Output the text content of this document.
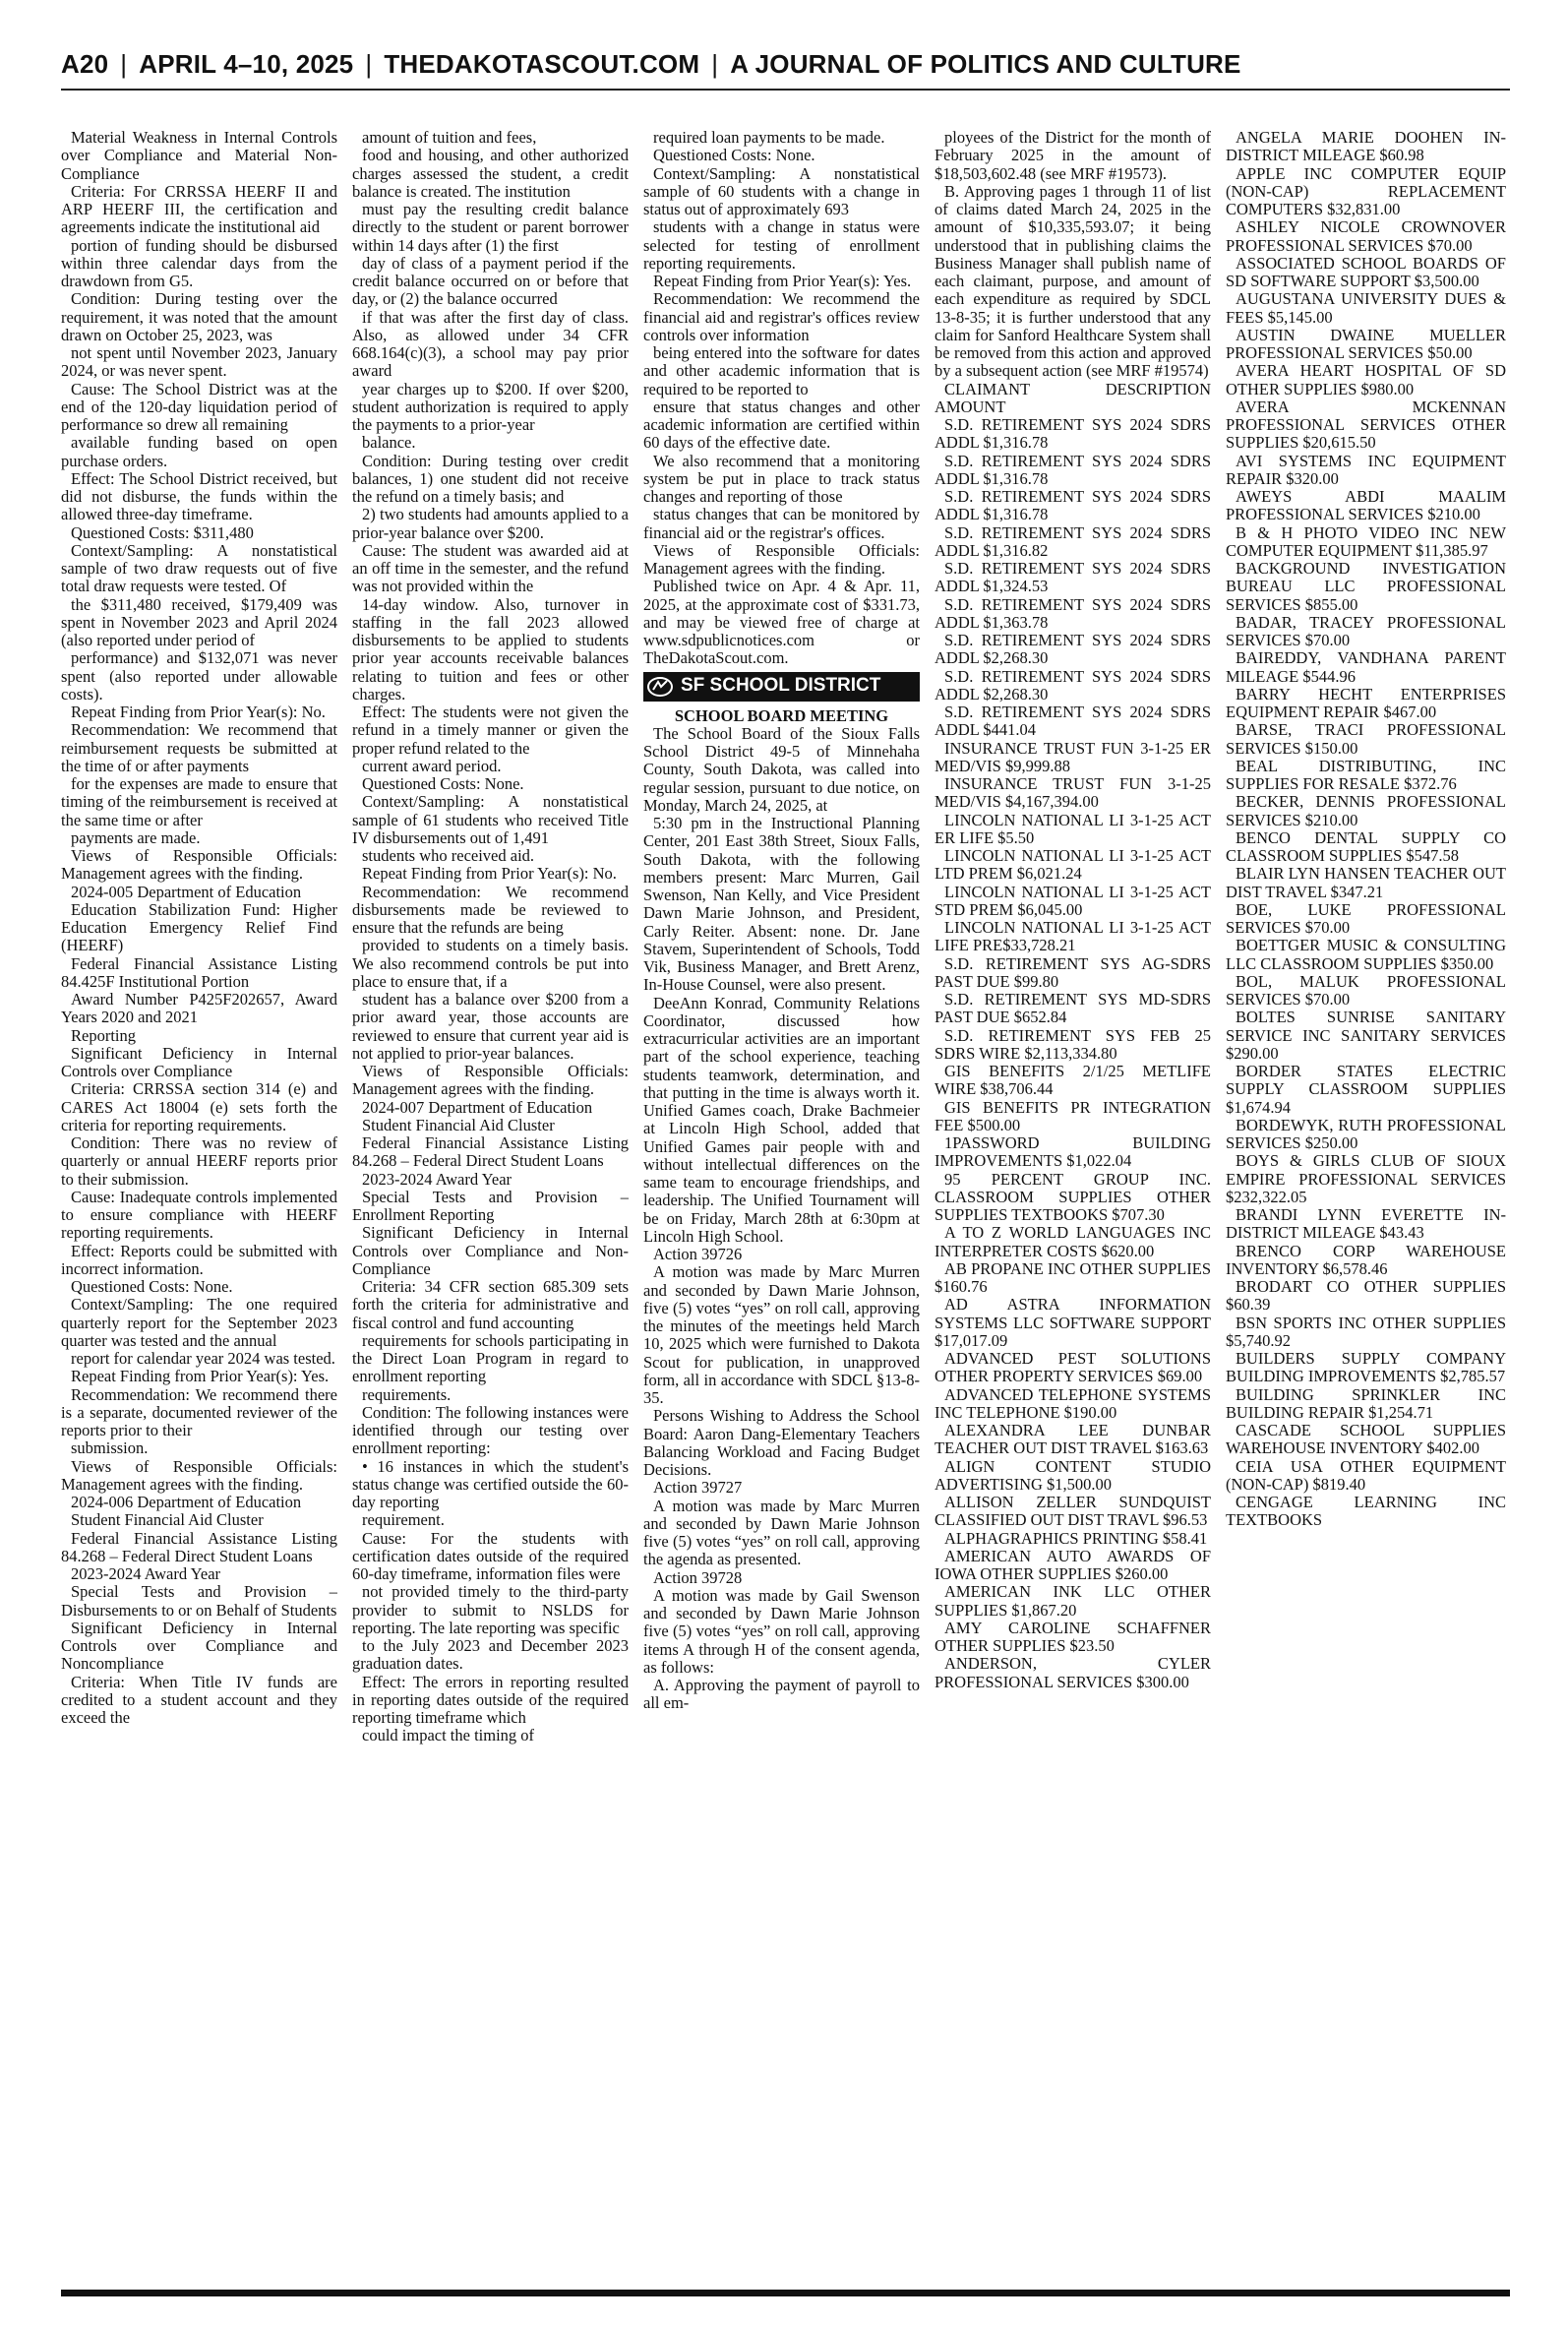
A20 | APRIL 4–10, 2025 | THEDAKOTASCOUT.COM | A JOURNAL OF POLITICS AND CULTURE

Material Weakness in Internal Controls over Compliance and Material Non-Compliance

Criteria: For CRRSSA HEERF II and ARP HEERF III, the certification and agreements indicate the institutional aid

portion of funding should be disbursed within three calendar days from the drawdown from G5.

Condition: During testing over the requirement, it was noted that the amount drawn on October 25, 2023, was

not spent until November 2023, January 2024, or was never spent.

Cause: The School District was at the end of the 120-day liquidation period of performance so drew all remaining

available funding based on open purchase orders.

Effect: The School District received, but did not disburse, the funds within the allowed three-day timeframe.

Questioned Costs: $311,480

Context/Sampling: A nonstatistical sample of two draw requests out of five total draw requests were tested. Of

the $311,480 received, $179,409 was spent in November 2023 and April 2024 (also reported under period of

performance) and $132,071 was never spent (also reported under allowable costs).

Repeat Finding from Prior Year(s): No.

Recommendation: We recommend that reimbursement requests be submitted at the time of or after payments

for the expenses are made to ensure that timing of the reimbursement is received at the same time or after

payments are made.

Views of Responsible Officials: Management agrees with the finding.

2024-005 Department of Education

Education Stabilization Fund: Higher Education Emergency Relief Find (HEERF)

Federal Financial Assistance Listing 84.425F Institutional Portion

Award Number P425F202657, Award Years 2020 and 2021

Reporting

Significant Deficiency in Internal Controls over Compliance

Criteria: CRRSSA section 314 (e) and CARES Act 18004 (e) sets forth the criteria for reporting requirements.

Condition: There was no review of quarterly or annual HEERF reports prior to their submission.

Cause: Inadequate controls implemented to ensure compliance with HEERF reporting requirements.

Effect: Reports could be submitted with incorrect information.

Questioned Costs: None.

Context/Sampling: The one required quarterly report for the September 2023 quarter was tested and the annual

report for calendar year 2024 was tested.

Repeat Finding from Prior Year(s): Yes.

Recommendation: We recommend there is a separate, documented reviewer of the reports prior to their

submission.

Views of Responsible Officials: Management agrees with the finding.

2024-006 Department of Education

Student Financial Aid Cluster

Federal Financial Assistance Listing 84.268 – Federal Direct Student Loans

2023-2024 Award Year

Special Tests and Provision – Disbursements to or on Behalf of Students

Significant Deficiency in Internal Controls over Compliance and Noncompliance

Criteria: When Title IV funds are credited to a student account and they exceed the

amount of tuition and fees,

food and housing, and other authorized charges assessed the student, a credit balance is created. The institution

must pay the resulting credit balance directly to the student or parent borrower within 14 days after (1) the first

day of class of a payment period if the credit balance occurred on or before that day, or (2) the balance occurred

if that was after the first day of class. Also, as allowed under 34 CFR 668.164(c)(3), a school may pay prior award

year charges up to $200. If over $200, student authorization is required to apply the payments to a prior-year

balance.

Condition: During testing over credit balances, 1) one student did not receive the refund on a timely basis; and

2) two students had amounts applied to a prior-year balance over $200.

Cause: The student was awarded aid at an off time in the semester, and the refund was not provided within the

14-day window. Also, turnover in staffing in the fall 2023 allowed disbursements to be applied to students prior year accounts receivable balances relating to tuition and fees or other charges.

Effect: The students were not given the refund in a timely manner or given the proper refund related to the

current award period.

Questioned Costs: None.

Context/Sampling: A nonstatistical sample of 61 students who received Title IV disbursements out of 1,491

students who received aid.

Repeat Finding from Prior Year(s): No.

Recommendation: We recommend disbursements made be reviewed to ensure that the refunds are being

provided to students on a timely basis. We also recommend controls be put into place to ensure that, if a

student has a balance over $200 from a prior award year, those accounts are reviewed to ensure that current year aid is not applied to prior-year balances.

Views of Responsible Officials: Management agrees with the finding.

2024-007 Department of Education

Student Financial Aid Cluster

Federal Financial Assistance Listing 84.268 – Federal Direct Student Loans

2023-2024 Award Year

Special Tests and Provision – Enrollment Reporting

Significant Deficiency in Internal Controls over Compliance and Non-Compliance

Criteria: 34 CFR section 685.309 sets forth the criteria for administrative and fiscal control and fund accounting

requirements for schools participating in the Direct Loan Program in regard to enrollment reporting

requirements.

Condition: The following instances were identified through our testing over enrollment reporting:

• 16 instances in which the student's status change was certified outside the 60-day reporting

requirement.

Cause: For the students with certification dates outside of the required 60-day timeframe, information files were

not provided timely to the third-party provider to submit to NSLDS for reporting. The late reporting was specific

to the July 2023 and December 2023 graduation dates.

Effect: The errors in reporting resulted in reporting dates outside of the required reporting timeframe which

could impact the timing of

required loan payments to be made.

Questioned Costs: None.

Context/Sampling: A nonstatistical sample of 60 students with a change in status out of approximately 693

students with a change in status were selected for testing of enrollment reporting requirements.

Repeat Finding from Prior Year(s): Yes.

Recommendation: We recommend the financial aid and registrar's offices review controls over information

being entered into the software for dates and other academic information that is required to be reported to

ensure that status changes and other academic information are certified within 60 days of the effective date.

We also recommend that a monitoring system be put in place to track status changes and reporting of those

status changes that can be monitored by financial aid or the registrar's offices.

Views of Responsible Officials: Management agrees with the finding.

Published twice on Apr. 4 & Apr. 11, 2025, at the approximate cost of $331.73, and may be viewed free of charge at www.sdpublicnotices.com or TheDakotaScout.com.

SF SCHOOL DISTRICT

SCHOOL BOARD MEETING

The School Board of the Sioux Falls School District 49-5 of Minnehaha County, South Dakota, was called into regular session, pursuant to due notice, on Monday, March 24, 2025, at

5:30 pm in the Instructional Planning Center, 201 East 38th Street, Sioux Falls, South Dakota, with the following members present: Marc Murren, Gail Swenson, Nan Kelly, and Vice President Dawn Marie Johnson, and President, Carly Reiter. Absent: none. Dr. Jane Stavem, Superintendent of Schools, Todd Vik, Business Manager, and Brett Arenz, In-House Counsel, were also present.

DeeAnn Konrad, Community Relations Coordinator, discussed how extracurricular activities are an important part of the school experience, teaching students teamwork, determination, and that putting in the time is always worth it. Unified Games coach, Drake Bachmeier at Lincoln High School, added that Unified Games pair people with and without intellectual differences on the same team to encourage friendships, and leadership. The Unified Tournament will be on Friday, March 28th at 6:30pm at Lincoln High School.

Action 39726

A motion was made by Marc Murren and seconded by Dawn Marie Johnson, five (5) votes “yes” on roll call, approving the minutes of the meetings held March 10, 2025 which were furnished to Dakota Scout for publication, in unapproved form, all in accordance with SDCL §13-8-35.

Persons Wishing to Address the School Board: Aaron Dang-Elementary Teachers Balancing Workload and Facing Budget Decisions.

Action 39727

A motion was made by Marc Murren and seconded by Dawn Marie Johnson five (5) votes “yes” on roll call, approving the agenda as presented.

Action 39728

A motion was made by Gail Swenson and seconded by Dawn Marie Johnson five (5) votes “yes” on roll call, approving items A through H of the consent agenda, as follows:

A. Approving the payment of payroll to all em-

ployees of the District for the month of February 2025 in the amount of $18,503,602.48 (see MRF #19573).

B. Approving pages 1 through 11 of list of claims dated March 24, 2025 in the amount of $10,335,593.07; it being understood that in publishing claims the Business Manager shall publish name of each claimant, purpose, and amount of each expenditure as required by SDCL 13-8-35; it is further understood that any claim for Sanford Healthcare System shall be removed from this action and approved by a subsequent action (see MRF #19574)

CLAIMANT DESCRIPTION AMOUNT

S.D. RETIREMENT SYS 2024 SDRS ADDL $1,316.78

S.D. RETIREMENT SYS 2024 SDRS ADDL $1,316.78

S.D. RETIREMENT SYS 2024 SDRS ADDL $1,316.78

S.D. RETIREMENT SYS 2024 SDRS ADDL $1,316.82

S.D. RETIREMENT SYS 2024 SDRS ADDL $1,324.53

S.D. RETIREMENT SYS 2024 SDRS ADDL $1,363.78

S.D. RETIREMENT SYS 2024 SDRS ADDL $2,268.30

S.D. RETIREMENT SYS 2024 SDRS ADDL $2,268.30

S.D. RETIREMENT SYS 2024 SDRS ADDL $441.04

INSURANCE TRUST FUN 3-1-25 ER MED/VIS $9,999.88

INSURANCE TRUST FUN 3-1-25 MED/VIS $4,167,394.00

LINCOLN NATIONAL LI 3-1-25 ACT ER LIFE $5.50

LINCOLN NATIONAL LI 3-1-25 ACT LTD PREM $6,021.24

LINCOLN NATIONAL LI 3-1-25 ACT STD PREM $6,045.00

LINCOLN NATIONAL LI 3-1-25 ACT LIFE PRE$33,728.21

S.D. RETIREMENT SYS AG-SDRS PAST DUE $99.80

S.D. RETIREMENT SYS MD-SDRS PAST DUE $652.84

S.D. RETIREMENT SYS FEB 25 SDRS WIRE $2,113,334.80

GIS BENEFITS 2/1/25 METLIFE WIRE $38,706.44

GIS BENEFITS PR INTEGRATION FEE $500.00

1PASSWORD BUILDING IMPROVEMENTS $1,022.04

95 PERCENT GROUP INC. CLASSROOM SUPPLIES OTHER SUPPLIES TEXTBOOKS $707.30

A TO Z WORLD LANGUAGES INC INTERPRETER COSTS $620.00

AB PROPANE INC OTHER SUPPLIES $160.76

AD ASTRA INFORMATION SYSTEMS LLC SOFTWARE SUPPORT $17,017.09

ADVANCED PEST SOLUTIONS OTHER PROPERTY SERVICES $69.00

ADVANCED TELEPHONE SYSTEMS INC TELEPHONE $190.00

ALEXANDRA LEE DUNBAR TEACHER OUT DIST TRAVEL $163.63

ALIGN CONTENT STUDIO ADVERTISING $1,500.00

ALLISON ZELLER SUNDQUIST CLASSIFIED OUT DIST TRAVL $96.53

ALPHAGRAPHICS PRINTING $58.41

AMERICAN AUTO AWARDS OF IOWA OTHER SUPPLIES $260.00

AMERICAN INK LLC OTHER SUPPLIES $1,867.20

AMY CAROLINE SCHAFFNER OTHER SUPPLIES $23.50

ANDERSON, CYLER PROFESSIONAL SERVICES $300.00

ANGELA MARIE DOOHEN IN-DISTRICT MILEAGE $60.98

APPLE INC COMPUTER EQUIP (NON-CAP) REPLACEMENT COMPUTERS $32,831.00

ASHLEY NICOLE CROWNOVER PROFESSIONAL SERVICES $70.00

ASSOCIATED SCHOOL BOARDS OF SD SOFTWARE SUPPORT $3,500.00

AUGUSTANA UNIVERSITY DUES & FEES $5,145.00

AUSTIN DWAINE MUELLER PROFESSIONAL SERVICES $50.00

AVERA HEART HOSPITAL OF SD OTHER SUPPLIES $980.00

AVERA MCKENNAN PROFESSIONAL SERVICES OTHER SUPPLIES $20,615.50

AVI SYSTEMS INC EQUIPMENT REPAIR $320.00

AWEYS ABDI MAALIM PROFESSIONAL SERVICES $210.00

B & H PHOTO VIDEO INC NEW COMPUTER EQUIPMENT $11,385.97

BACKGROUND INVESTIGATION BUREAU LLC PROFESSIONAL SERVICES $855.00

BADAR, TRACEY PROFESSIONAL SERVICES $70.00

BAIREDDY, VANDHANA PARENT MILEAGE $544.96

BARRY HECHT ENTERPRISES EQUIPMENT REPAIR $467.00

BARSE, TRACI PROFESSIONAL SERVICES $150.00

BEAL DISTRIBUTING, INC SUPPLIES FOR RESALE $372.76

BECKER, DENNIS PROFESSIONAL SERVICES $210.00

BENCO DENTAL SUPPLY CO CLASSROOM SUPPLIES $547.58

BLAIR LYN HANSEN TEACHER OUT DIST TRAVEL $347.21

BOE, LUKE PROFESSIONAL SERVICES $70.00

BOETTGER MUSIC & CONSULTING LLC CLASSROOM SUPPLIES $350.00

BOL, MALUK PROFESSIONAL SERVICES $70.00

BOLTES SUNRISE SANITARY SERVICE INC SANITARY SERVICES $290.00

BORDER STATES ELECTRIC SUPPLY CLASSROOM SUPPLIES $1,674.94

BORDEWYK, RUTH PROFESSIONAL SERVICES $250.00

BOYS & GIRLS CLUB OF SIOUX EMPIRE PROFESSIONAL SERVICES $232,322.05

BRANDI LYNN EVERETTE IN-DISTRICT MILEAGE $43.43

BRENCO CORP WAREHOUSE INVENTORY $6,578.46

BRODART CO OTHER SUPPLIES $60.39

BSN SPORTS INC OTHER SUPPLIES $5,740.92

BUILDERS SUPPLY COMPANY BUILDING IMPROVEMENTS $2,785.57

BUILDING SPRINKLER INC BUILDING REPAIR $1,254.71

CASCADE SCHOOL SUPPLIES WAREHOUSE INVENTORY $402.00

CEIA USA OTHER EQUIPMENT (NON-CAP) $819.40

CENGAGE LEARNING INC TEXTBOOKS
